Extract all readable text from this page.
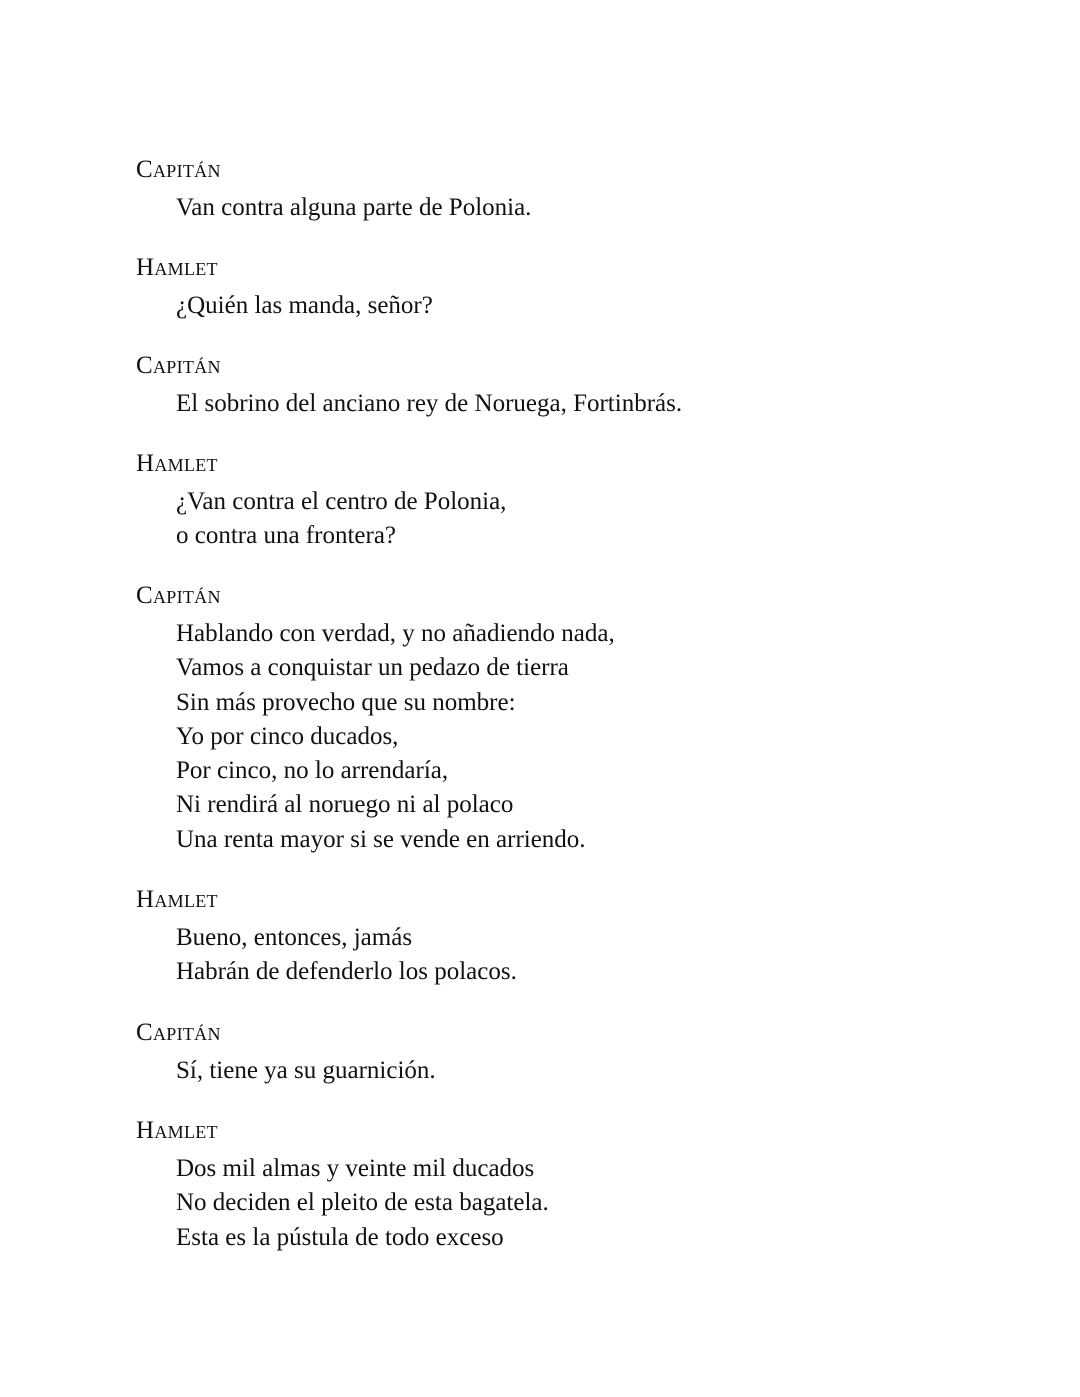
Capitán
Van contra alguna parte de Polonia.
Hamlet
¿Quién las manda, señor?
Capitán
El sobrino del anciano rey de Noruega, Fortinbrás.
Hamlet
¿Van contra el centro de Polonia,
o contra una frontera?
Capitán
Hablando con verdad, y no añadiendo nada,
Vamos a conquistar un pedazo de tierra
Sin más provecho que su nombre:
Yo por cinco ducados,
Por cinco, no lo arrendaría,
Ni rendirá al noruego ni al polaco
Una renta mayor si se vende en arriendo.
Hamlet
Bueno, entonces, jamás
Habrán de defenderlo los polacos.
Capitán
Sí, tiene ya su guarnición.
Hamlet
Dos mil almas y veinte mil ducados
No deciden el pleito de esta bagatela.
Esta es la pústula de todo exceso
